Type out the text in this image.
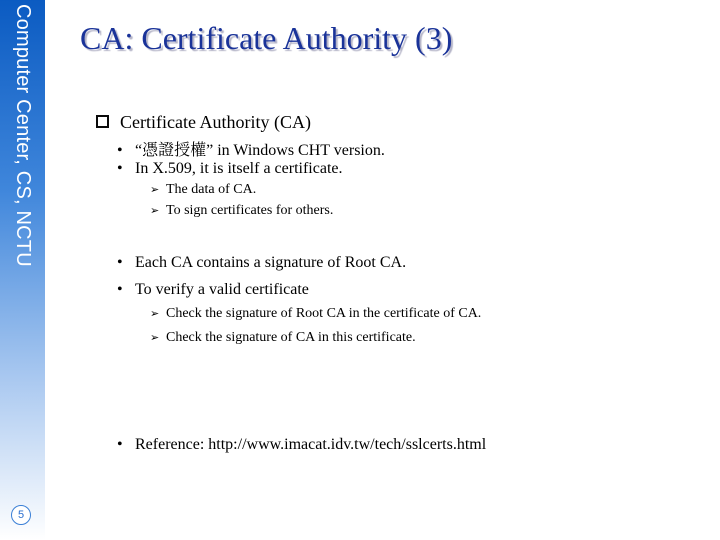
Computer Center, CS, NCTU
5
CA: Certificate Authority (3)
Certificate Authority (CA)
• “憑證授權” in Windows CHT version.
• In X.509, it is itself a certificate.
➢ The data of CA.
➢ To sign certificates for others.
• Each CA contains a signature of Root CA.
• To verify a valid certificate
➢ Check the signature of Root CA in the certificate of CA.
➢ Check the signature of CA in this certificate.
• Reference: http://www.imacat.idv.tw/tech/sslcerts.html
